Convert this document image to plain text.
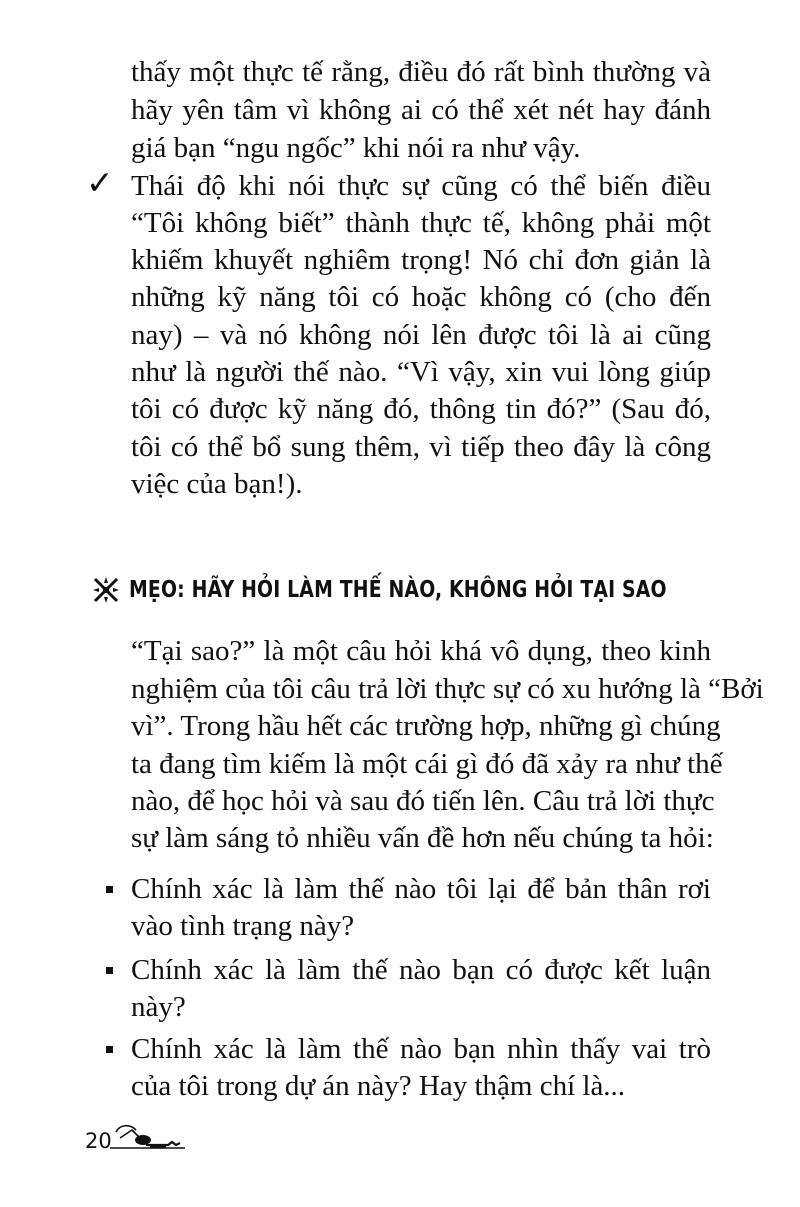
thấy một thực tế rằng, điều đó rất bình thường và
hãy yên tâm vì không ai có thể xét nét hay đánh
giá bạn “ngu ngốc” khi nói ra như vậy.
✓ Thái độ khi nói thực sự cũng có thể biến điều
“Tôi không biết” thành thực tế, không phải một
khiếm khuyết nghiêm trọng! Nó chỉ đơn giản là
những kỹ năng tôi có hoặc không có (cho đến
nay) – và nó không nói lên được tôi là ai cũng
như là người thế nào. “Vì vậy, xin vui lòng giúp
tôi có được kỹ năng đó, thông tin đó?” (Sau đó,
tôi có thể bổ sung thêm, vì tiếp theo đây là công
việc của bạn!).
MẸO: HÃY HỎI LÀM THẾ NÀO, KHÔNG HỎI TẠI SAO
“Tại sao?” là một câu hỏi khá vô dụng, theo kinh
nghiệm của tôi câu trả lời thực sự có xu hướng là “Bởi
vì”. Trong hầu hết các trường hợp, những gì chúng
ta đang tìm kiếm là một cái gì đó đã xảy ra như thế
nào, để học hỏi và sau đó tiến lên. Câu trả lời thực
sự làm sáng tỏ nhiều vấn đề hơn nếu chúng ta hỏi:
Chính xác là làm thế nào tôi lại để bản thân rơi
vào tình trạng này?
Chính xác là làm thế nào bạn có được kết luận
này?
Chính xác là làm thế nào bạn nhìn thấy vai trò
của tôi trong dự án này? Hay thậm chí là...
20
